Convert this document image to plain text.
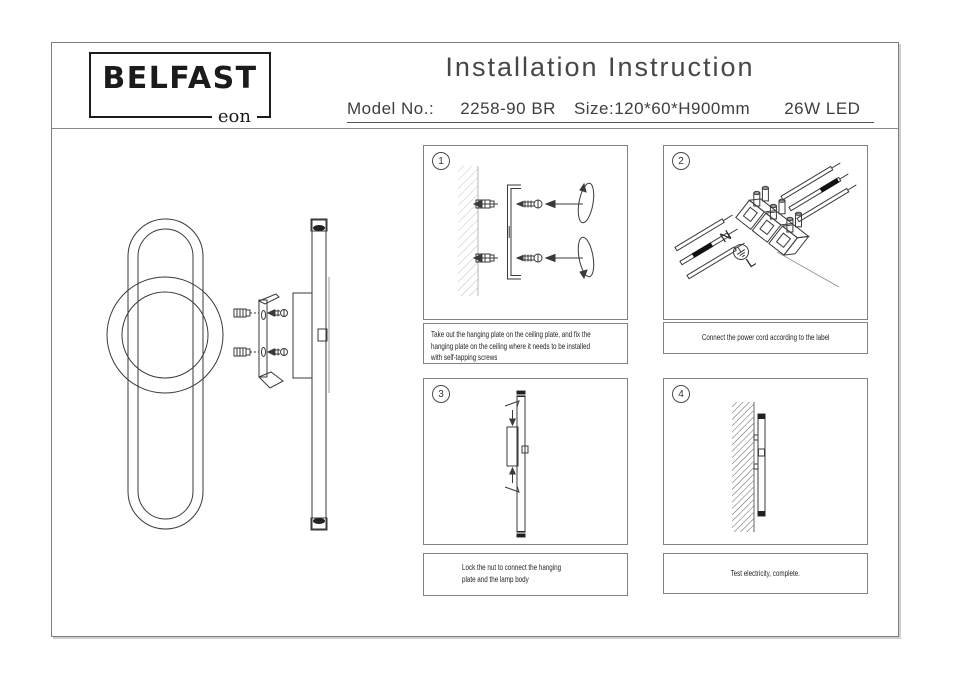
BELFAST
eon
Installation Instruction
Model No.: 2258-90 BR Size:120*60*H900mm 26W LED
1
Take out the hanging plate on the ceiling plate, and fix the
hanging plate on the ceiling where it needs to be installed
with self-tapping screws
2
N
L
Connect the power cord according to the label
3
Lock the nut to connect the hanging
plate and the lamp body
4
Test electricity, complete.
